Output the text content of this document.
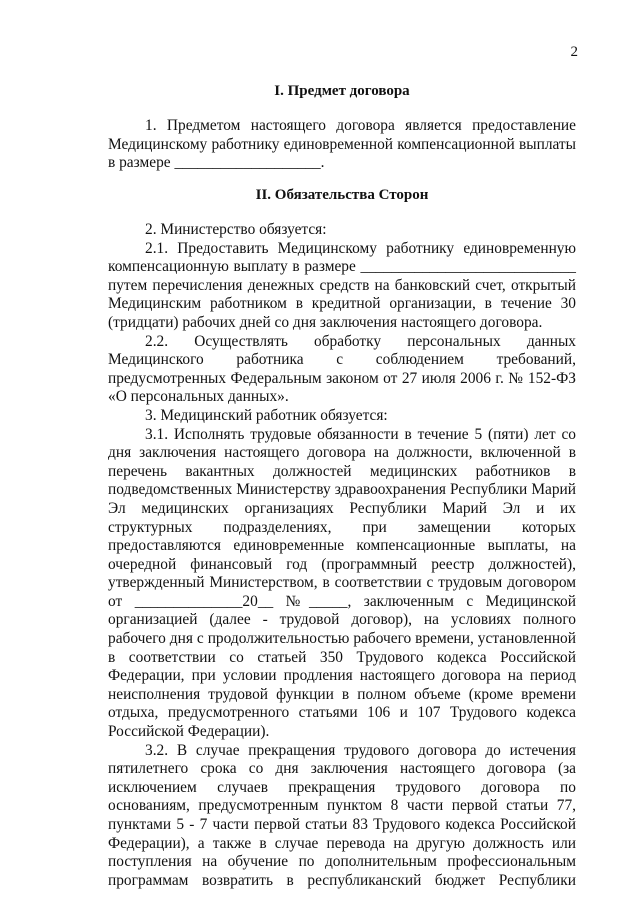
2
I. Предмет договора

1. Предметом настоящего договора является предоставление Медицинскому работнику единовременной компенсационной выплаты в размере ___________________.

II. Обязательства Сторон

2. Министерство обязуется:

2.1. Предоставить Медицинскому работнику единовременную компенсационную выплату в размере ____________________________ путем перечисления денежных средств на банковский счет, открытый Медицинским работником в кредитной организации, в течение 30 (тридцати) рабочих дней со дня заключения настоящего договора.

2.2. Осуществлять обработку персональных данных Медицинского работника с соблюдением требований, предусмотренных Федеральным законом от 27 июля 2006 г. № 152-ФЗ «О персональных данных».

3. Медицинский работник обязуется:

3.1. Исполнять трудовые обязанности в течение 5 (пяти) лет со дня заключения настоящего договора на должности, включенной в перечень вакантных должностей медицинских работников в подведомственных Министерству здравоохранения Республики Марий Эл медицинских организациях Республики Марий Эл и их структурных подразделениях, при замещении которых предоставляются единовременные компенсационные выплаты, на очередной финансовый год (программный реестр должностей), утвержденный Министерством, в соответствии с трудовым договором от ______________20__ №_____, заключенным с Медицинской организацией (далее - трудовой договор), на условиях полного рабочего дня с продолжительностью рабочего времени, установленной в соответствии со статьей 350 Трудового кодекса Российской Федерации, при условии продления настоящего договора на период неисполнения трудовой функции в полном объеме (кроме времени отдыха, предусмотренного статьями 106 и 107 Трудового кодекса Российской Федерации).

3.2. В случае прекращения трудового договора до истечения пятилетнего срока со дня заключения настоящего договора (за исключением случаев прекращения трудового договора по основаниям, предусмотренным пунктом 8 части первой статьи 77, пунктами 5 - 7 части первой статьи 83 Трудового кодекса Российской Федерации), а также в случае перевода на другую должность или поступления на обучение по дополнительным профессиональным программам возвратить в республиканский бюджет Республики
